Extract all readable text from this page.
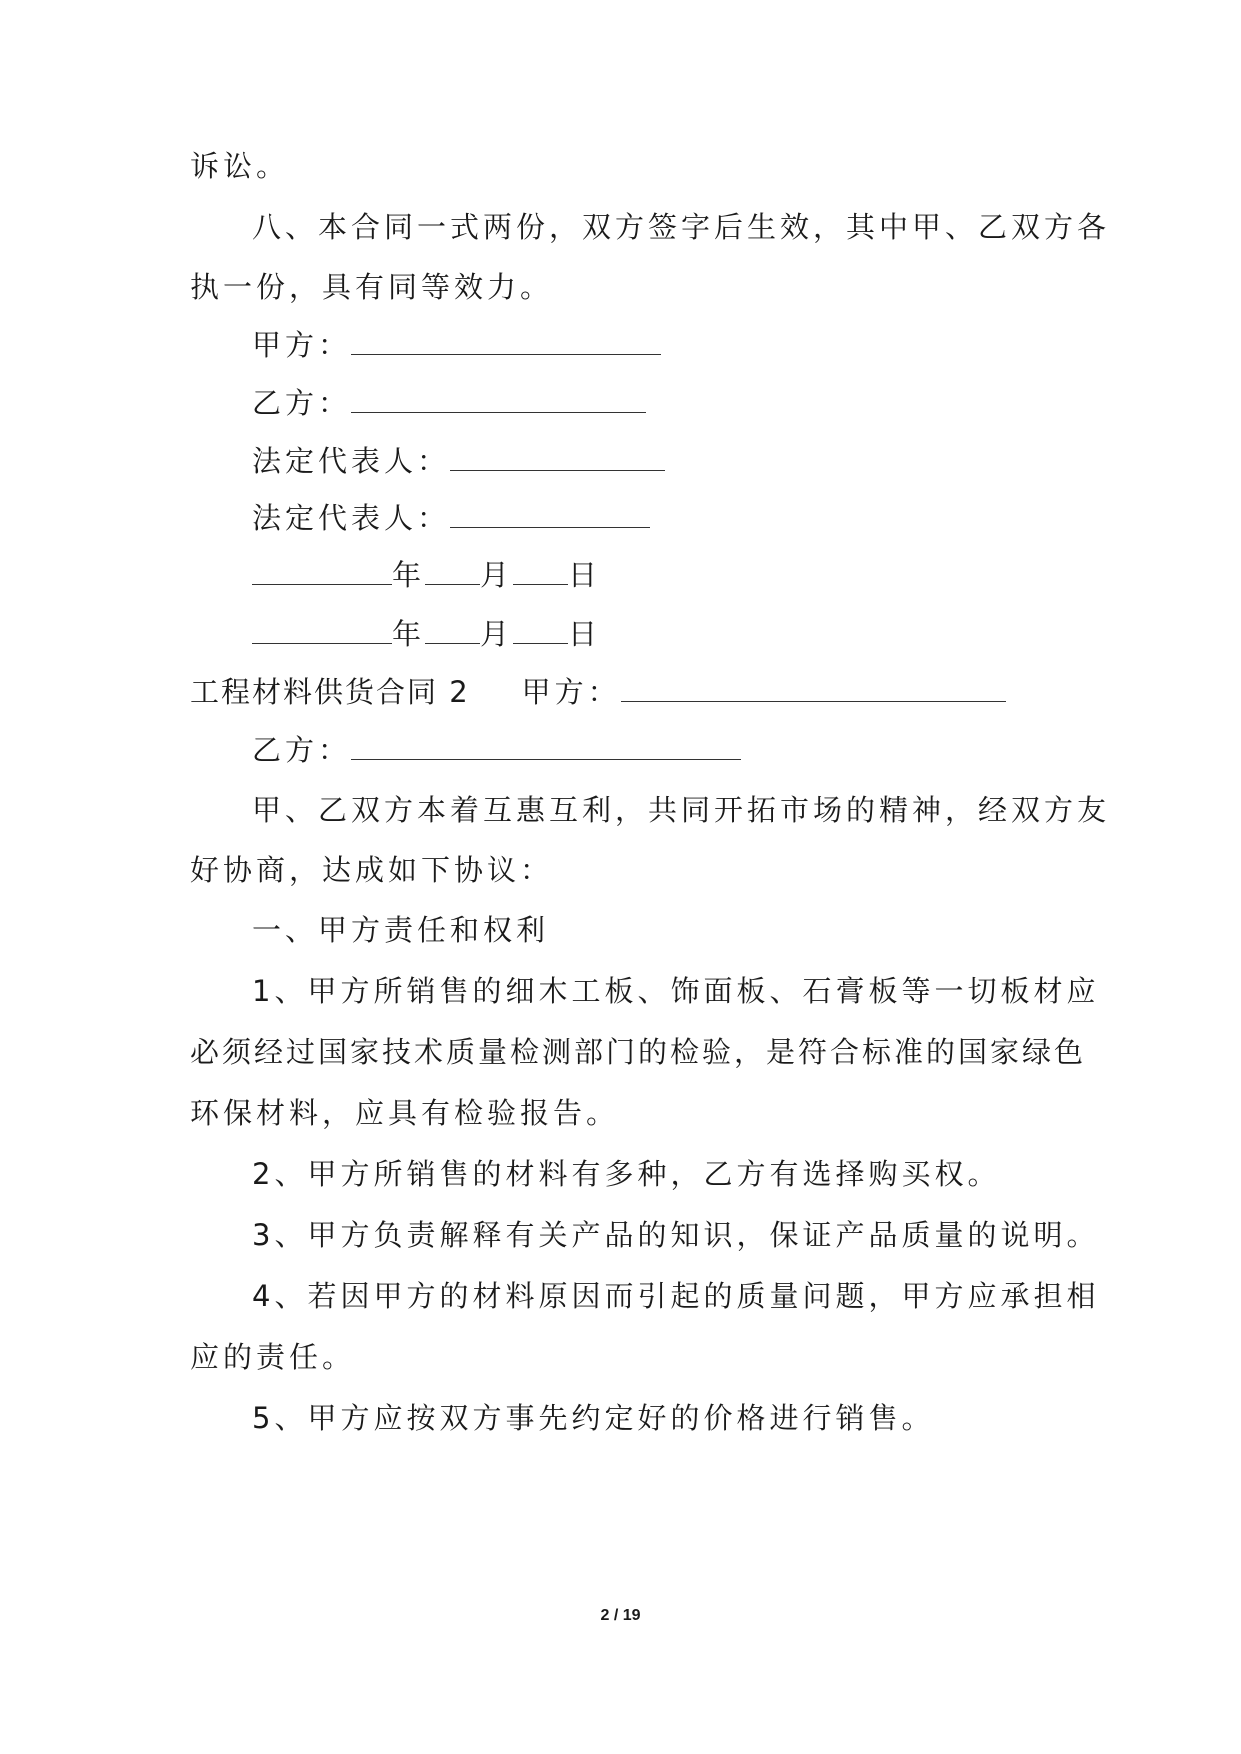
诉讼。
八、本合同一式两份，双方签字后生效，其中甲、乙双方各
执一份，具有同等效力。
甲方：
乙方：
法定代表人：
法定代表人：
年 月 日
年 月 日
工程材料供货合同 2 甲方：
乙方：
甲、乙双方本着互惠互利，共同开拓市场的精神，经双方友
好协商，达成如下协议：
一、甲方责任和权利
1、甲方所销售的细木工板、饰面板、石膏板等一切板材应
必须经过国家技术质量检测部门的检验，是符合标准的国家绿色
环保材料，应具有检验报告。
2、甲方所销售的材料有多种，乙方有选择购买权。
3、甲方负责解释有关产品的知识，保证产品质量的说明。
4、若因甲方的材料原因而引起的质量问题，甲方应承担相
应的责任。
5、甲方应按双方事先约定好的价格进行销售。
2 / 19
